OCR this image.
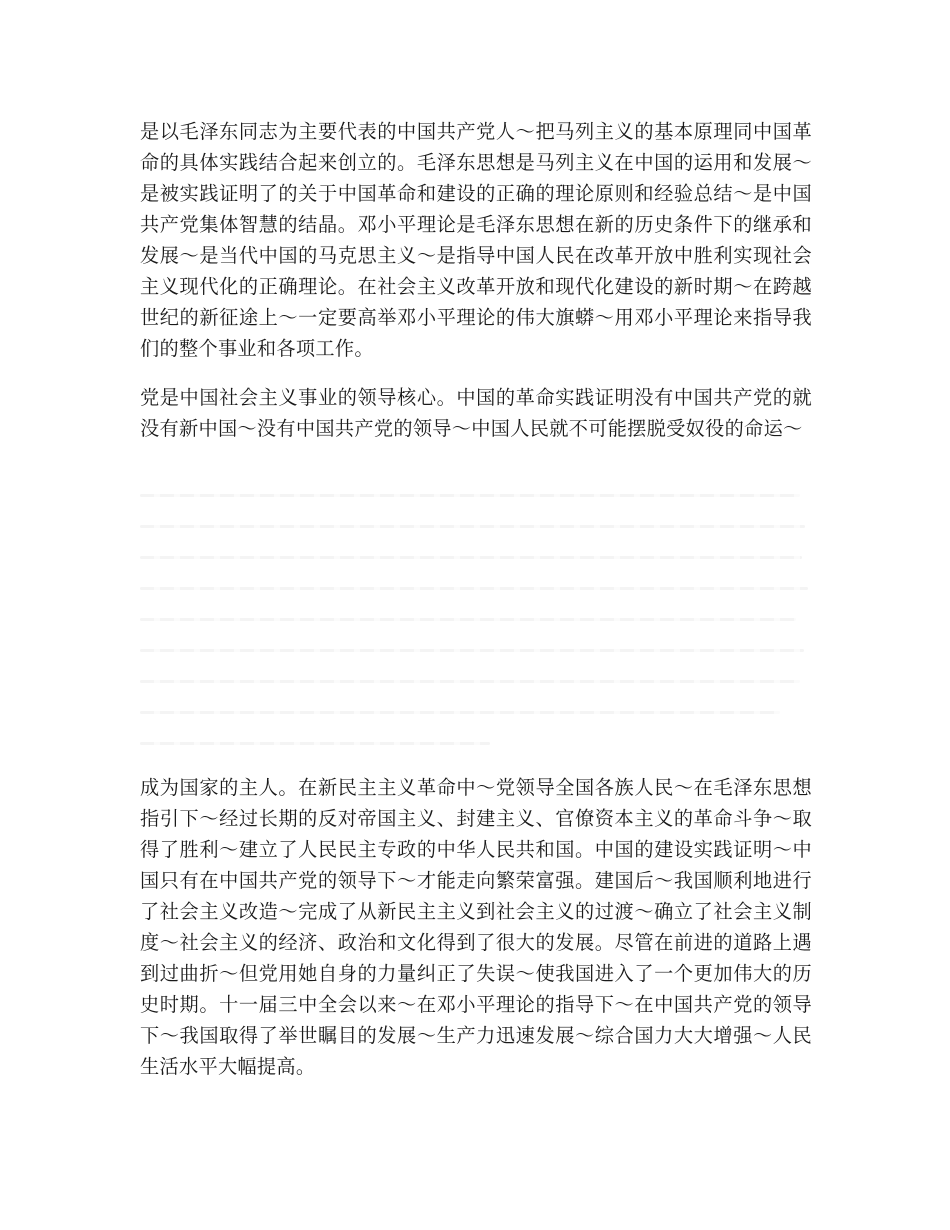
是以毛泽东同志为主要代表的中国共产党人～把马列主义的基本原理同中国革命的具体实践结合起来创立的。毛泽东思想是马列主义在中国的运用和发展～是被实践证明了的关于中国革命和建设的正确的理论原则和经验总结～是中国共产党集体智慧的结晶。邓小平理论是毛泽东思想在新的历史条件下的继承和发展～是当代中国的马克思主义～是指导中国人民在改革开放中胜利实现社会主义现代化的正确理论。在社会主义改革开放和现代化建设的新时期～在跨越世纪的新征途上～一定要高举邓小平理论的伟大旗蟒～用邓小平理论来指导我们的整个事业和各项工作。

党是中国社会主义事业的领导核心。中国的革命实践证明没有中国共产党的就没有新中国～没有中国共产党的领导～中国人民就不可能摆脱受奴役的命运～

成为国家的主人。在新民主主义革命中～党领导全国各族人民～在毛泽东思想指引下～经过长期的反对帝国主义、封建主义、官僚资本主义的革命斗争～取得了胜利～建立了人民民主专政的中华人民共和国。中国的建设实践证明～中国只有在中国共产党的领导下～才能走向繁荣富强。建国后～我国顺利地进行了社会主义改造～完成了从新民主主义到社会主义的过渡～确立了社会主义制度～社会主义的经济、政治和文化得到了很大的发展。尽管在前进的道路上遇到过曲折～但党用她自身的力量纠正了失误～使我国进入了一个更加伟大的历史时期。十一届三中全会以来～在邓小平理论的指导下～在中国共产党的领导下～我国取得了举世瞩目的发展～生产力迅速发展～综合国力大大增强～人民生活水平大幅提高。
